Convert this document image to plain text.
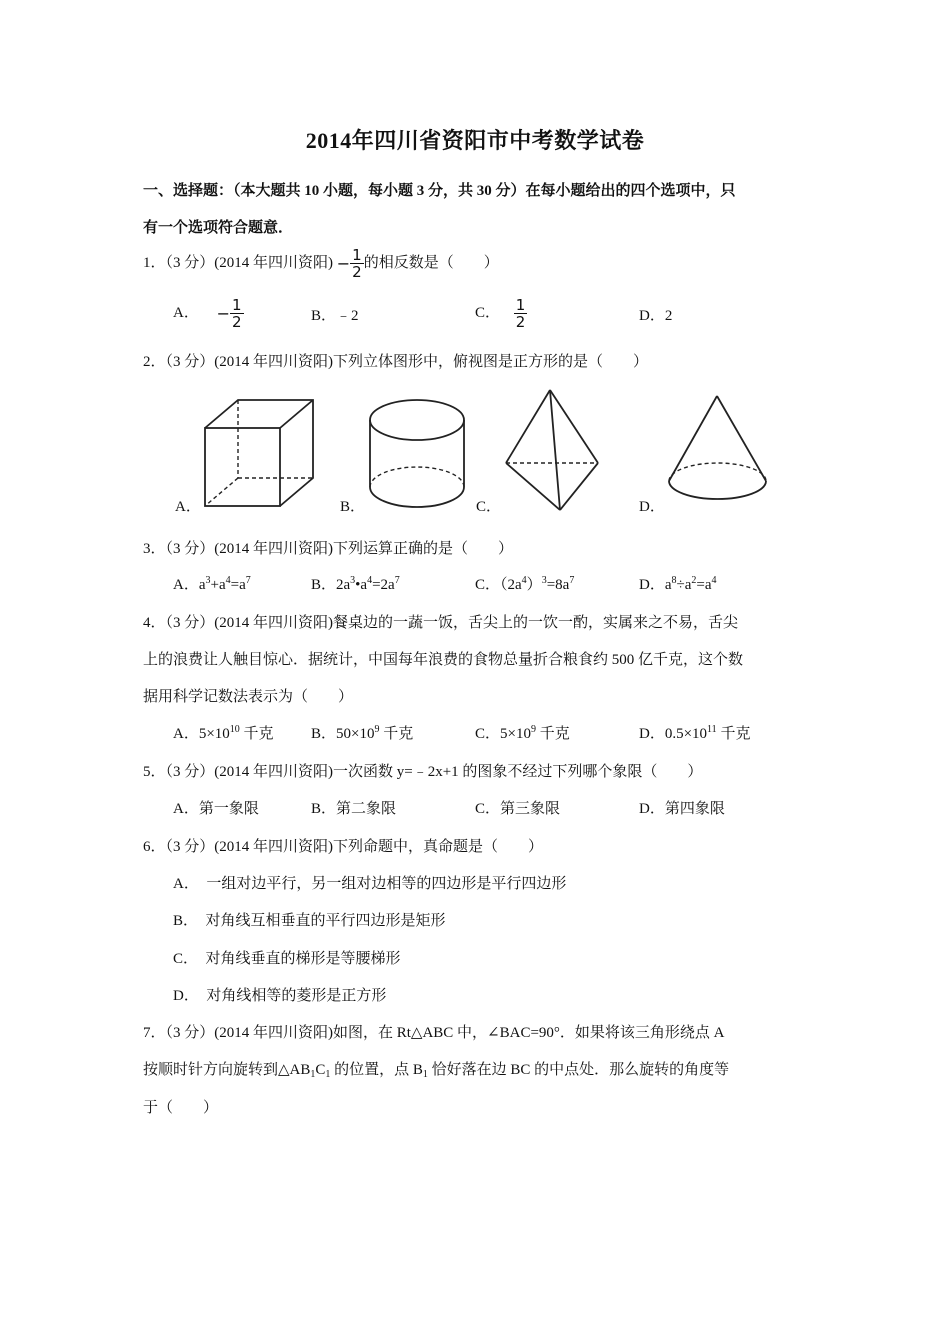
2014年四川省资阳市中考数学试卷
一、选择题：（本大题共 10 小题，每小题 3 分，共 30 分）在每小题给出的四个选项中，只
有一个选项符合题意．
1．（3 分）(2014 年四川资阳) − $\frac{1}{2}$ 的相反数是（　　）
A． − $\frac{1}{2}$	B．﹣2	C． $\frac{1}{2}$	D．2
2．（3 分）(2014 年四川资阳)下列立体图形中，俯视图是正方形的是（　　）
A．	B．	C．	D．
3．（3 分）(2014 年四川资阳)下列运算正确的是（　　）
A．$a^3+a^4=a^7$	B．$2a^3•a^4=2a^7$	C．$(2a^4)^3=8a^7$	D．$a^8\div a^2=a^4$
4．（3 分）(2014 年四川资阳)餐桌边的一蔬一饭，舌尖上的一饮一酌，实属来之不易，舌尖
上的浪费让人触目惊心．据统计，中国每年浪费的食物总量折合粮食约 500 亿千克，这个数
据用科学记数法表示为（　　）
A．$5\times 10^{10}$ 千克 B．$50\times 10^9$ 千克	C．$5\times 10^9$ 千克	D．$0.5\times 10^{11}$ 千克
5．（3 分）(2014 年四川资阳)一次函数 y=﹣2x+1 的图象不经过下列哪个象限（　　）
A．第一象限	B．第二象限	C．第三象限	D．第四象限
6．（3 分）(2014 年四川资阳)下列命题中，真命题是（　　）
A．　一组对边平行，另一组对边相等的四边形是平行四边形
B．　对角线互相垂直的平行四边形是矩形
C．　对角线垂直的梯形是等腰梯形
D．　对角线相等的菱形是正方形
7．（3 分）(2014 年四川资阳)如图，在 Rt△ABC 中，∠BAC=90°．如果将该三角形绕点 A
按顺时针方向旋转到$\triangle AB_1C_1$ 的位置，点 $B_1$ 恰好落在边 BC 的中点处．那么旋转的角度等
于（　　）
